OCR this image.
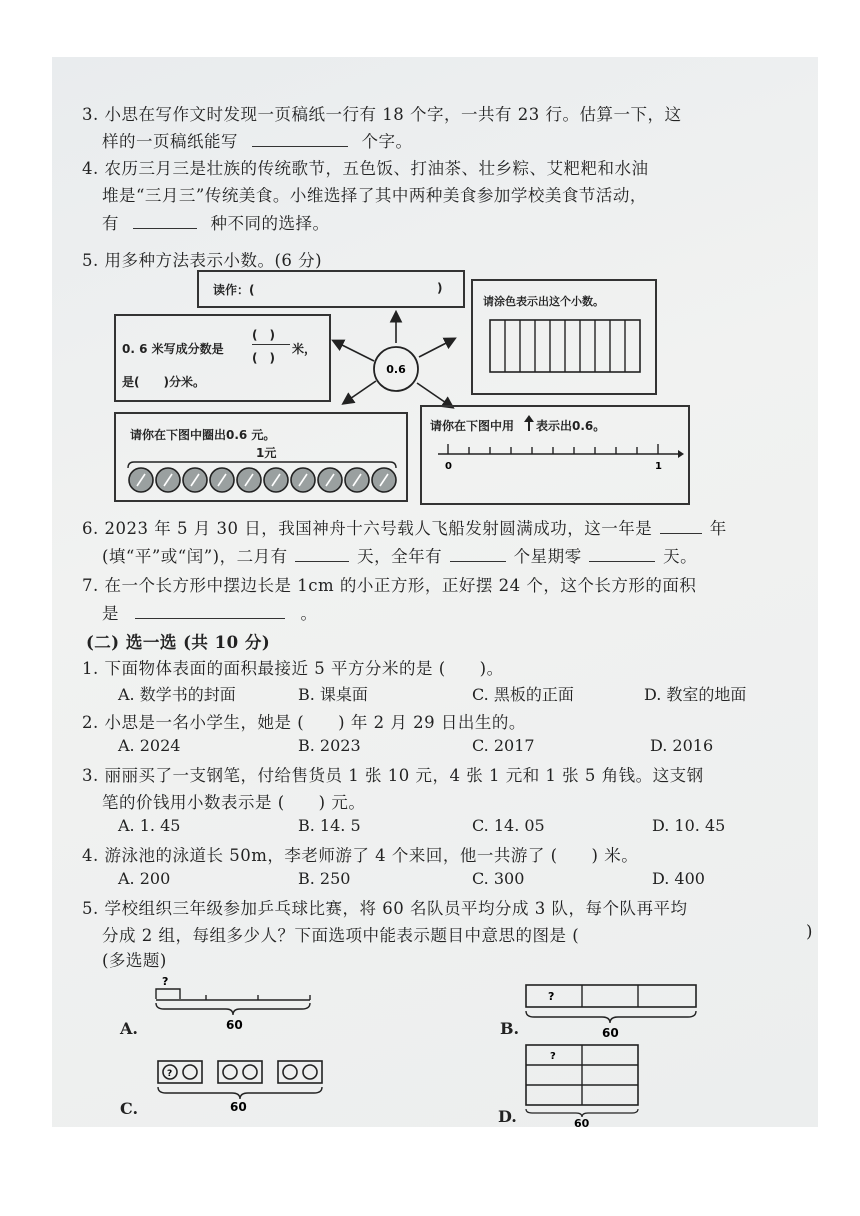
3. 小思在写作文时发现一页稿纸一行有 18 个字，一共有 23 行。估算一下，这
样的一页稿纸能写	个字。
4. 农历三月三是壮族的传统歌节，五色饭、打油茶、壮乡粽、艾粑粑和水油
堆是“三月三”传统美食。小维选择了其中两种美食参加学校美食节活动，
有	种不同的选择。
5. 用多种方法表示小数。(6 分)
读作：(	)
0. 6 米写成分数是
(　)
(　)
米，
是(　　)分米。
0.6
请涂色表示出这个小数。
请你在下图中圈出0.6 元。
1元
请你在下图中用 表示出0.6。
0	1
6. 2023 年 5 月 30 日，我国神舟十六号载人飞船发射圆满成功，这一年是	年
(填“平”或“闰”)，二月有	天，全年有	个星期零	天。
7. 在一个长方形中摆边长是 1cm 的小正方形，正好摆 24 个，这个长方形的面积
是	。
(二) 选一选 (共 10 分)
1. 下面物体表面的面积最接近 5 平方分米的是 (　　)。
A. 数学书的封面	B. 课桌面	C. 黑板的正面	D. 教室的地面
2. 小思是一名小学生，她是 (　　) 年 2 月 29 日出生的。
A. 2024	B. 2023	C. 2017	D. 2016
3. 丽丽买了一支钢笔，付给售货员 1 张 10 元，4 张 1 元和 1 张 5 角钱。这支钢
笔的价钱用小数表示是 (　　) 元。
A. 1. 45	B. 14. 5	C. 14. 05	D. 10. 45
4. 游泳池的泳道长 50m，李老师游了 4 个来回，他一共游了 (　　) 米。
A. 200	B. 250	C. 300	D. 400
5. 学校组织三年级参加乒乓球比赛，将 60 名队员平均分成 3 队，每个队再平均
分成 2 组，每组多少人？下面选项中能表示题目中意思的图是 (	)
(多选题)
A.
?
60	B.
?
60
C.
?
60	D.
?
60
